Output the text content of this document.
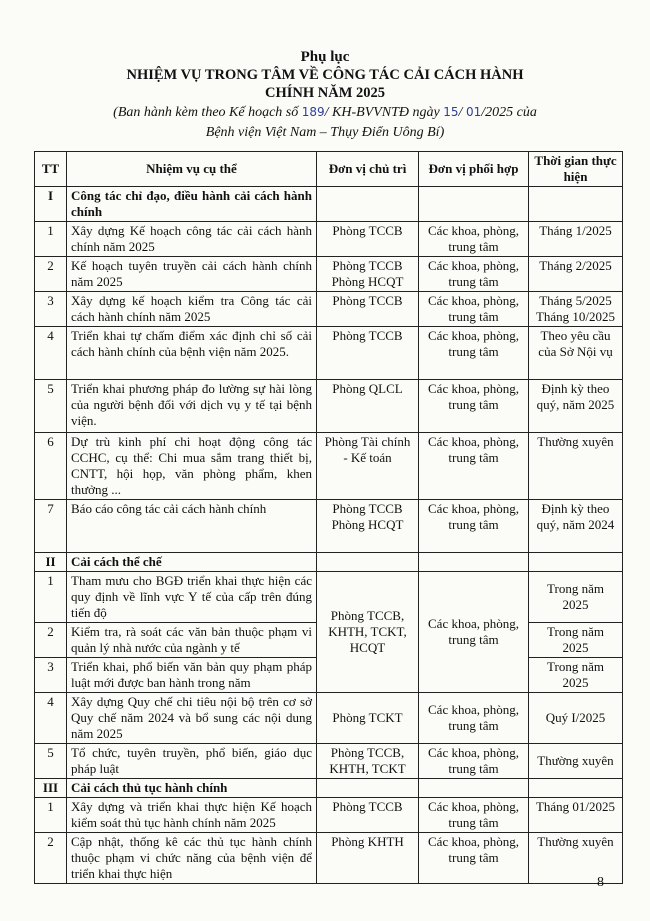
Phụ lục
NHIỆM VỤ TRONG TÂM VỀ CÔNG TÁC CẢI CÁCH HÀNH
CHÍNH NĂM 2025
(Ban hành kèm theo Kế hoạch số 189/ KH-BVVNTĐ ngày 15/ 01/2025 của
Bệnh viện Việt Nam – Thụy Điển Uông Bí)
TT	Nhiệm vụ cụ thể	Đơn vị chủ trì	Đơn vị phối hợp	Thời gian thực hiện
I	Công tác chỉ đạo, điều hành cải cách hành chính			
1	Xây dựng Kế hoạch công tác cải cách hành chính năm 2025	Phòng TCCB	Các khoa, phòng, trung tâm	Tháng 1/2025
2	Kế hoạch tuyên truyền cải cách hành chính năm 2025	Phòng TCCB Phòng HCQT	Các khoa, phòng, trung tâm	Tháng 2/2025
3	Xây dựng kế hoạch kiểm tra Công tác cải cách hành chính năm 2025	Phòng TCCB	Các khoa, phòng, trung tâm	Tháng 5/2025 Tháng 10/2025
4	Triển khai tự chấm điểm xác định chỉ số cải cách hành chính của bệnh viện năm 2025.	Phòng TCCB	Các khoa, phòng, trung tâm	Theo yêu cầu của Sở Nội vụ
5	Triển khai phương pháp đo lường sự hài lòng của người bệnh đối với dịch vụ y tế tại bệnh viện.	Phòng QLCL	Các khoa, phòng, trung tâm	Định kỳ theo quý, năm 2025
6	Dự trù kinh phí chi hoạt động công tác CCHC, cụ thể: Chi mua sắm trang thiết bị, CNTT, hội họp, văn phòng phẩm, khen thưởng ...	Phòng Tài chính - Kế toán	Các khoa, phòng, trung tâm	Thường xuyên
7	Báo cáo công tác cải cách hành chính	Phòng TCCB Phòng HCQT	Các khoa, phòng, trung tâm	Định kỳ theo quý, năm 2024
II	Cải cách thể chế			
1	Tham mưu cho BGĐ triển khai thực hiện các quy định về lĩnh vực Y tế của cấp trên đúng tiến độ	Phòng TCCB, KHTH, TCKT, HCQT	Các khoa, phòng, trung tâm	Trong năm 2025
2	Kiểm tra, rà soát các văn bản thuộc phạm vi quản lý nhà nước của ngành y tế			Trong năm 2025
3	Triển khai, phổ biến văn bản quy phạm pháp luật mới được ban hành trong năm			Trong năm 2025
4	Xây dựng Quy chế chi tiêu nội bộ trên cơ sở Quy chế năm 2024 và bổ sung các nội dung năm 2025	Phòng TCKT	Các khoa, phòng, trung tâm	Quý I/2025
5	Tổ chức, tuyên truyền, phổ biến, giáo dục pháp luật	Phòng TCCB, KHTH, TCKT	Các khoa, phòng, trung tâm	Thường xuyên
III	Cải cách thủ tục hành chính			
1	Xây dựng và triển khai thực hiện Kế hoạch kiểm soát thủ tục hành chính năm 2025	Phòng TCCB	Các khoa, phòng, trung tâm	Tháng 01/2025
2	Cập nhật, thống kê các thủ tục hành chính thuộc phạm vi chức năng của bệnh viện để triển khai thực hiện	Phòng KHTH	Các khoa, phòng, trung tâm	Thường xuyên
8
